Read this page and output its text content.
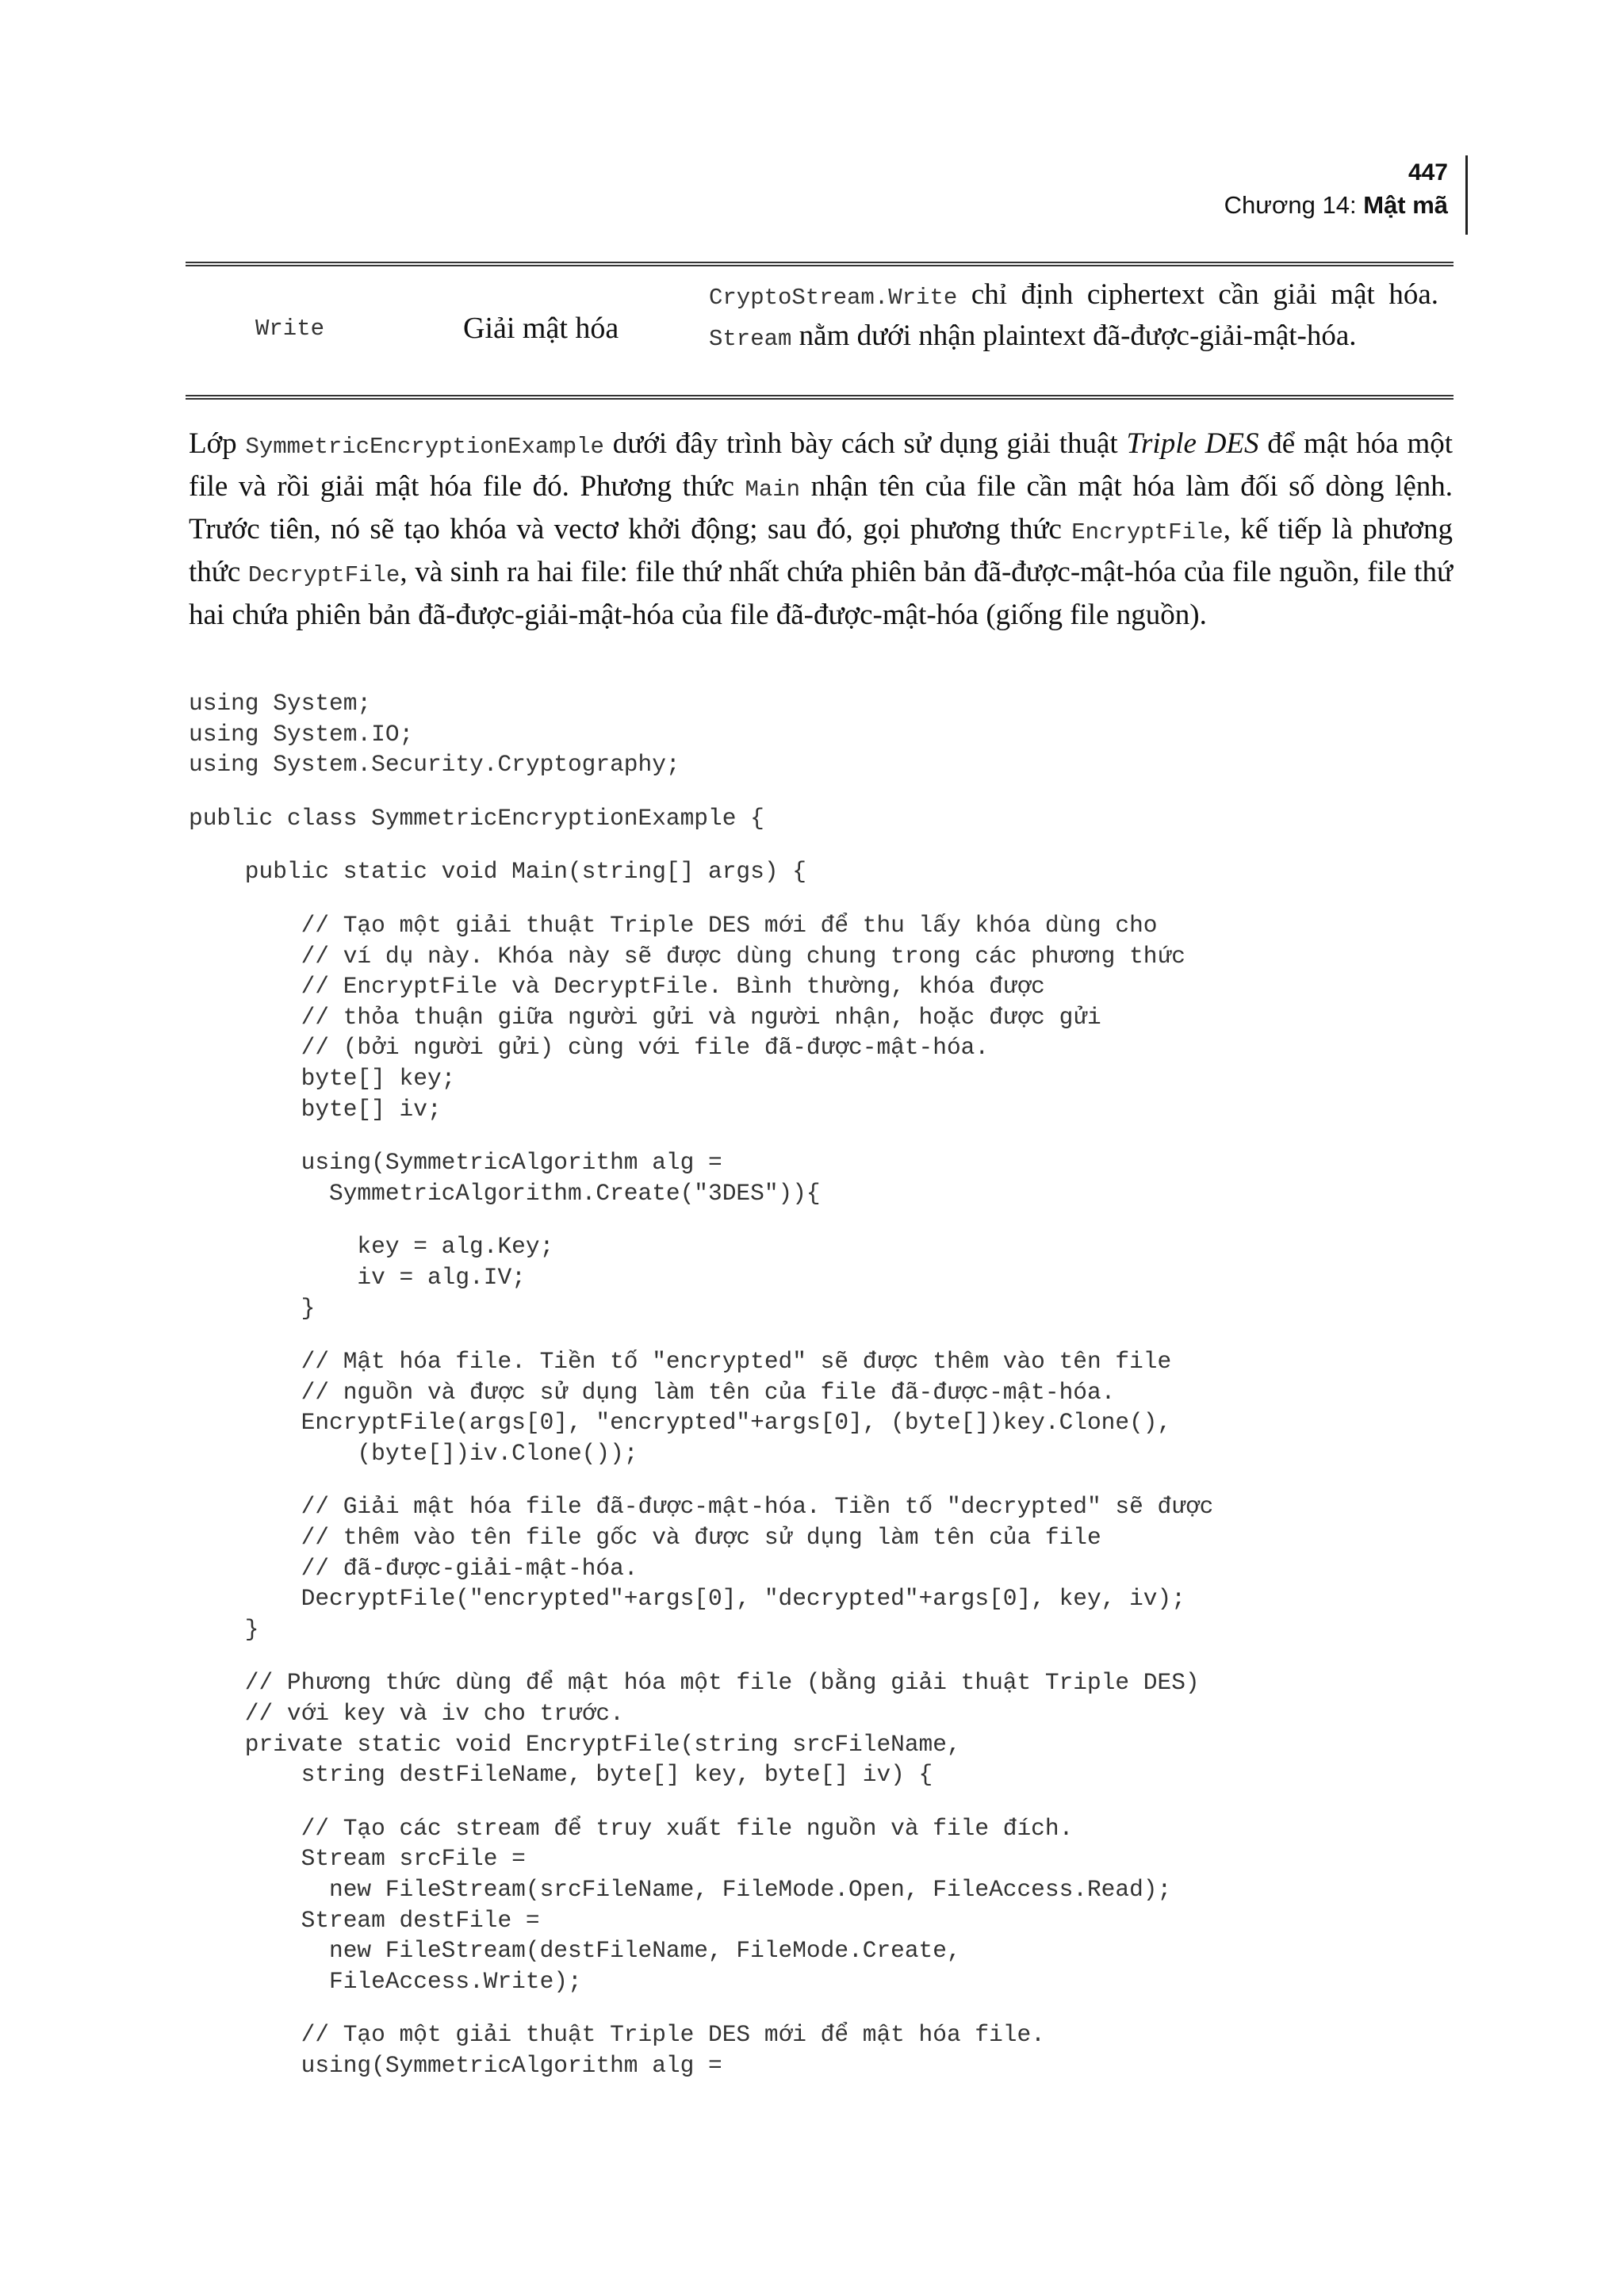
447
Chương 14: Mật mã
Write	Giải mật hóa
CryptoStream.Write chỉ định ciphertext cần giải mật hóa. Stream nằm dưới nhận plaintext đã-được-giải-mật-hóa.
Lớp SymmetricEncryptionExample dưới đây trình bày cách sử dụng giải thuật Triple DES để mật hóa một file và rồi giải mật hóa file đó. Phương thức Main nhận tên của file cần mật hóa làm đối số dòng lệnh. Trước tiên, nó sẽ tạo khóa và vectơ khởi động; sau đó, gọi phương thức EncryptFile, kế tiếp là phương thức DecryptFile, và sinh ra hai file: file thứ nhất chứa phiên bản đã-được-mật-hóa của file nguồn, file thứ hai chứa phiên bản đã-được-giải-mật-hóa của file đã-được-mật-hóa (giống file nguồn).
using System;
using System.IO;
using System.Security.Cryptography;
public class SymmetricEncryptionExample {
public static void Main(string[] args) {
// Tạo một giải thuật Triple DES mới để thu lấy khóa dùng cho
// ví dụ này. Khóa này sẽ được dùng chung trong các phương thức
// EncryptFile và DecryptFile. Bình thường, khóa được
// thỏa thuận giữa người gửi và người nhận, hoặc được gửi
// (bởi người gửi) cùng với file đã-được-mật-hóa.
byte[] key;
byte[] iv;
using(SymmetricAlgorithm alg =
SymmetricAlgorithm.Create("3DES")){
key = alg.Key;
iv = alg.IV;
}
// Mật hóa file. Tiền tố "encrypted" sẽ được thêm vào tên file
// nguồn và được sử dụng làm tên của file đã-được-mật-hóa.
EncryptFile(args[0], "encrypted"+args[0], (byte[])key.Clone(),
(byte[])iv.Clone());
// Giải mật hóa file đã-được-mật-hóa. Tiền tố "decrypted" sẽ được
// thêm vào tên file gốc và được sử dụng làm tên của file
// đã-được-giải-mật-hóa.
DecryptFile("encrypted"+args[0], "decrypted"+args[0], key, iv);
}
// Phương thức dùng để mật hóa một file (bằng giải thuật Triple DES)
// với key và iv cho trước.
private static void EncryptFile(string srcFileName,
string destFileName, byte[] key, byte[] iv) {
// Tạo các stream để truy xuất file nguồn và file đích.
Stream srcFile =
new FileStream(srcFileName, FileMode.Open, FileAccess.Read);
Stream destFile =
new FileStream(destFileName, FileMode.Create,
FileAccess.Write);
// Tạo một giải thuật Triple DES mới để mật hóa file.
using(SymmetricAlgorithm alg =
